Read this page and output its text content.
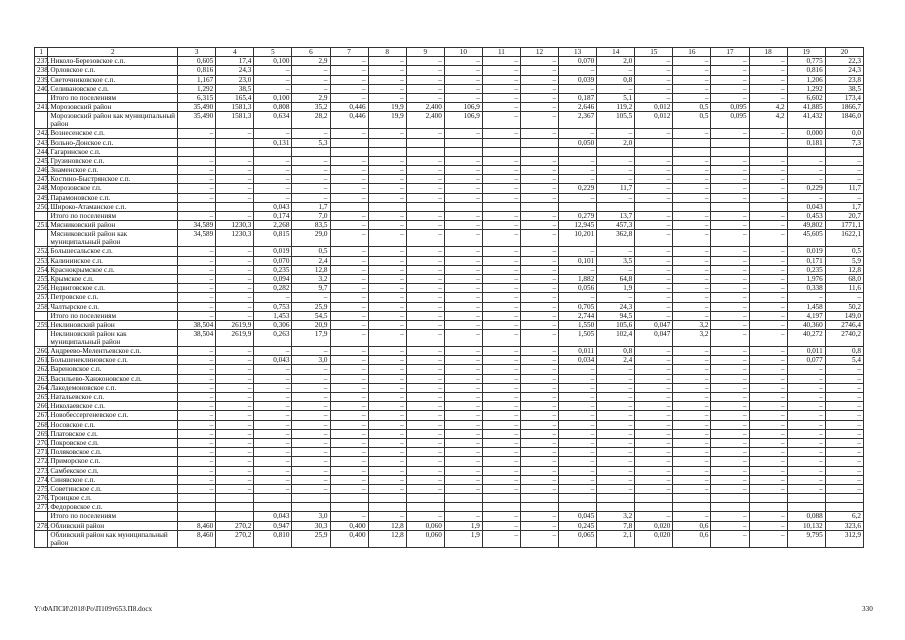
1	2	3	4	5	6	7	8	9	10	11	12	13	14	15	16	17	18	19	20
237.	Николо-Березовское с.п.	0,605	17,4	0,100	2,9	–	–	–	–	–	–	0,070	2,0	–	–	–	–	0,775	22,3
238.	Орловское с.п.	0,816	24,3	–	–	–	–	–	–	–	–	–	–	–	–	–	–	0,816	24,3
239.	Светочниковское с.п.	1,167	23,0	–	–	–	–	–	–	–	–	0,039	0,8	–	–	–	–	1,206	23,8
240.	Селивановское с.п.	1,292	38,5	–	–	–	–	–	–	–	–	–	–	–	–	–	–	1,292	38,5
	Итого по поселениям	6,315	165,4	0,100	2,9	–	–	–	–	–	–	0,187	5,1	–	–	–	–	6,602	173,4
241.	Морозовский район	35,490	1581,3	0,808	35,2	0,446	19,9	2,400	106,9	–	–	2,646	119,2	0,012	0,5	0,095	4,2	41,885	1866,7
	Морозовский район как муниципальный район	35,490	1581,3	0,634	28,2	0,446	19,9	2,400	106,9	–	–	2,367	105,5	0,012	0,5	0,095	4,2	41,432	1846,0
242.	Вознесенское с.п.	–	–	–	–	–	–	–	–	–	–	–	–	–	–	–	–	0,000	0,0
243.	Вольно-Донское с.п.			0,131	5,3							0,050	2,0					0,181	7,3
244.	Гагаринское с.п.																		
245.	Грузиновское с.п.	–	–	–	–	–	–	–	–	–	–	–	–	–	–	–	–	–	–
246.	Знаменское с.п.	–	–	–	–	–	–	–	–	–	–	–	–	–	–	–	–	–	–
247.	Костино-Быстрянское с.п.	–	–	–	–	–	–	–	–	–	–	–	–	–	–	–	–	–	–
248.	Морозовское г.п.	–	–	–	–	–	–	–	–	–	–	0,229	11,7	–	–	–	–	0,229	11,7
249.	Парамоновское с.п.	–	–	–	–	–	–	–	–	–	–	–	–	–	–	–	–	–	–
250.	Широко-Атаманское с.п.			0,043	1,7													0,043	1,7
	Итого по поселениям	–	–	0,174	7,0	–	–	–	–	–	–	0,279	13,7	–	–	–	–	0,453	20,7
251.	Мясниковский район	34,589	1230,3	2,268	83,5	–	–	–	–	–	–	12,945	457,3	–	–	–	–	49,802	1771,1
	Мясниковский район как муниципальный район	34,589	1230,3	0,815	29,0	–	–	–	–	–	–	10,201	362,8	–	–	–	–	45,605	1622,1
252.	Большесальское с.п.	–	–	0,019	0,5	–	–	–	–	–	–	–	–	–	–	–	–	0,019	0,5
253.	Калининское с.п.	–	–	0,070	2,4	–	–	–	–	–	–	0,101	3,5	–	–	–	–	0,171	5,9
254.	Краснокрымское с.п.	–	–	0,235	12,8	–	–	–	–	–	–	–	–	–	–	–	–	0,235	12,8
255.	Крымское с.п.	–	–	0,094	3,2	–	–	–	–	–	–	1,882	64,8	–	–	–	–	1,976	68,0
256.	Недвиговское с.п.	–	–	0,282	9,7	–	–	–	–	–	–	0,056	1,9	–	–	–	–	0,338	11,6
257.	Петровское с.п.	–	–	–	–	–	–	–	–	–	–	–	–	–	–	–	–	–	–
258.	Чалтырское с.п.	–	–	0,753	25,9	–	–	–	–	–	–	0,705	24,3	–	–	–	–	1,458	50,2
	Итого по поселениям	–	–	1,453	54,5	–	–	–	–	–	–	2,744	94,5	–	–	–	–	4,197	149,0
259.	Неклиновский район	38,504	2619,9	0,306	20,9	–	–	–	–	–	–	1,550	105,6	0,047	3,2	–	–	40,360	2746,4
	Неклиновский район как муниципальный район	38,504	2619,9	0,263	17,9	–	–	–	–	–	–	1,505	102,4	0,047	3,2	–	–	40,272	2740,2
260.	Андреево-Мелентьевское с.п.	–	–	–	–	–	–	–	–	–	–	0,011	0,8	–	–	–	–	0,011	0,8
261.	Большенеклиновское с.п.	–	–	0,043	3,0	–	–	–	–	–	–	0,034	2,4	–	–	–	–	0,077	5,4
262.	Вареновское с.п.	–	–	–	–	–	–	–	–	–	–	–	–	–	–	–	–	–	–
263.	Васильево-Ханжоновское с.п.	–	–	–	–	–	–	–	–	–	–	–	–	–	–	–	–	–	–
264.	Лакедемоновское с.п.	–	–	–	–	–	–	–	–	–	–	–	–	–	–	–	–	–	–
265.	Натальевское с.п.	–	–	–	–	–	–	–	–	–	–	–	–	–	–	–	–	–	–
266.	Николаевское с.п.	–	–	–	–	–	–	–	–	–	–	–	–	–	–	–	–	–	–
267.	Новобессергеневское с.п.	–	–	–	–	–	–	–	–	–	–	–	–	–	–	–	–	–	–
268.	Носовское с.п.	–	–	–	–	–	–	–	–	–	–	–	–	–	–	–	–	–	–
269.	Платовское с.п.	–	–	–	–	–	–	–	–	–	–	–	–	–	–	–	–	–	–
270.	Покровское с.п.	–	–	–	–	–	–	–	–	–	–	–	–	–	–	–	–	–	–
271.	Поляковское с.п.	–	–	–	–	–	–	–	–	–	–	–	–	–	–	–	–	–	–
272.	Приморское с.п.	–	–	–	–	–	–	–	–	–	–	–	–	–	–	–	–	–	–
273.	Самбекское с.п.	–	–	–	–	–	–	–	–	–	–	–	–	–	–	–	–	–	–
274.	Синявское с.п.	–	–	–	–	–	–	–	–	–	–	–	–	–	–	–	–	–	–
275.	Советинское с.п.	–	–	–	–	–	–	–	–	–	–	–	–	–	–	–	–	–	–
276.	Троицкое с.п.																		
277.	Федоровское с.п.																		
	Итого по поселениям			0,043	3,0	–	–	–	–	–	–	0,045	3,2	–	–	–	–	0,088	6,2
278.	Обливский район	8,460	270,2	0,947	30,3	0,400	12,8	0,060	1,9	–	–	0,245	7,8	0,020	0,6	–	–	10,132	323,6
	Обливский район как муниципальный район	8,460	270,2	0,810	25,9	0,400	12,8	0,060	1,9	–	–	0,065	2,1	0,020	0,6	–	–	9,795	312,9
Y:\ФАПСИ\2018\Ро\П109т653.П8.docx	330
